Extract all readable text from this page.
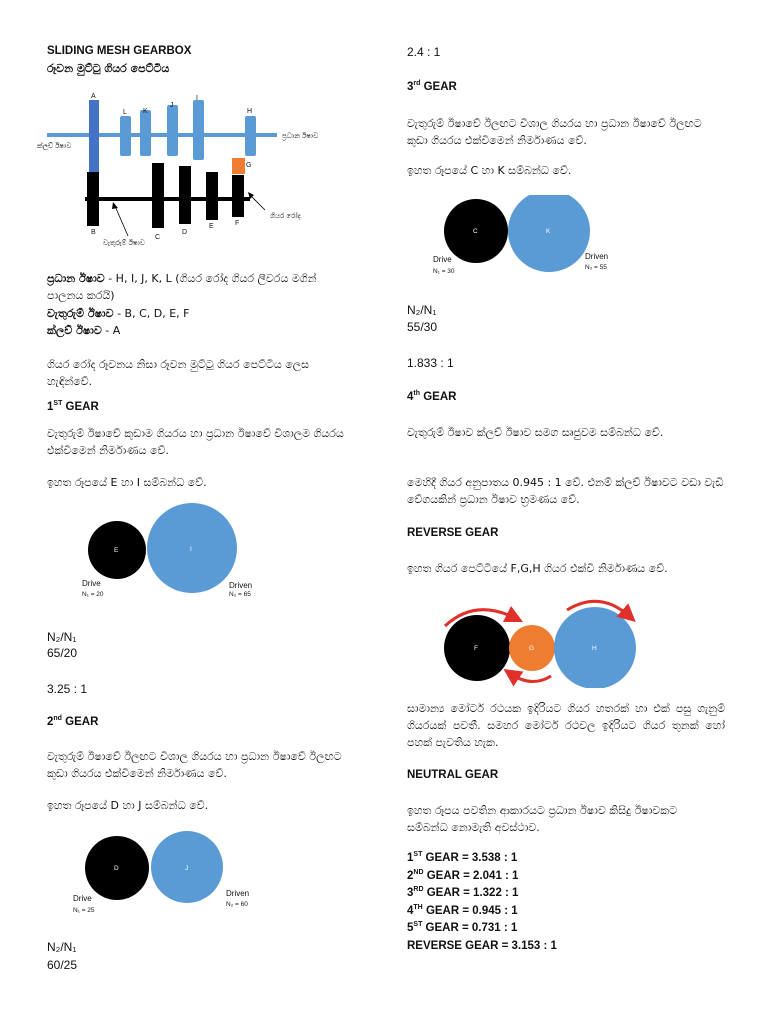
SLIDING MESH GEARBOX
රූවන මුට්ටු ගියර පෙට්ටිය
A
L K
J
I
H
G
B
C
D
E	F
ක්ලච් ඊෂාව
ප්‍රධාන ඊෂාව
වැතුරුම් ඊෂාව
ගියර රෝද
ප්‍රධාන ඊෂාව - H, I, J, K, L (ගියර රෝද ගියර ලීවරය මගින් පාලනය කරයි)
වැතුරුම් ඊෂාව - B, C, D, E, F
ක්ලච් ඊෂාව - A
ගියර රෝද රූවනය නිසා රූවන මුට්ටු ගියර පෙට්ටිය ලෙස හැඳින්වේ.
1ST GEAR
වැතුරුම් ඊෂාවේ කුඩාම ගියරය හා ප්‍රධාන ඊෂාවේ විශාලම ගියරය එක්වීමෙන් නිර්මාණය වේ.
ඉහත රූපයේ E හා I සම්බන්ධ වේ.
E	I
Drive
N₁ = 20
Driven
N₂ = 65
N₂/N₁
65/20
3.25 : 1
2nd GEAR
වැතුරුම් ඊෂාවේ ඊලඟට විශාල ගියරය හා ප්‍රධාන ඊෂාවේ ඊලඟට කුඩා ගියරය එක්වීමෙන් නිර්මාණය වේ.
ඉහත රූපයේ D හා J සම්බන්ධ වේ.
D	J
Drive
N₁ = 25
Driven
N₂ = 60
N₂/N₁
60/25
2.4 : 1
3rd GEAR
වැතුරුම් ඊෂාවේ ඊලඟට විශාල ගියරය හා ප්‍රධාන ඊෂාවේ ඊලඟට කුඩා ගියරය එක්වීමෙන් නිර්මාණය වේ.
ඉහත රූපයේ C හා K සම්බන්ධ වේ.
C	K
Drive
N₁ = 30
Driven
N₂ = 55
N₂/N₁
55/30
1.833 : 1
4th GEAR
වැතුරුම් ඊෂාව ක්ලච් ඊෂාව සමග සෘජුවම සම්බන්ධ වේ.
මෙහිදී ගියර අනුපාතය 0.945 : 1 වේ. එනම් ක්ලච් ඊෂාවට වඩා වැඩි වේගයකින් ප්‍රධාන ඊෂාව භ්‍රමණය වේ.
REVERSE GEAR
ඉහත ගියර පෙට්ටියේ F,G,H ගියර එක්වී නිර්මාණය වේ.
F	G	H
සාමාන්‍ය මෝටර් රථයක ඉදිරියට ගියර හතරක් හා එක් පසු ගැනුම් ගියරයක් පවතී. සමහර මෝටර් රථවල ඉදිරියට ගියර තුනක් හෝ පහක් පැවතිය හැක.
NEUTRAL GEAR
ඉහත රූපය පවතින ආකාරයට ප්‍රධාන ඊෂාව කිසිදු ඊෂාවකට සම්බන්ධ නොමැති අවස්ථාව.
1ST GEAR = 3.538 : 1
2ND GEAR = 2.041 : 1
3RD GEAR = 1.322 : 1
4TH GEAR = 0.945 : 1
5ST GEAR = 0.731 : 1
REVERSE GEAR = 3.153 : 1
